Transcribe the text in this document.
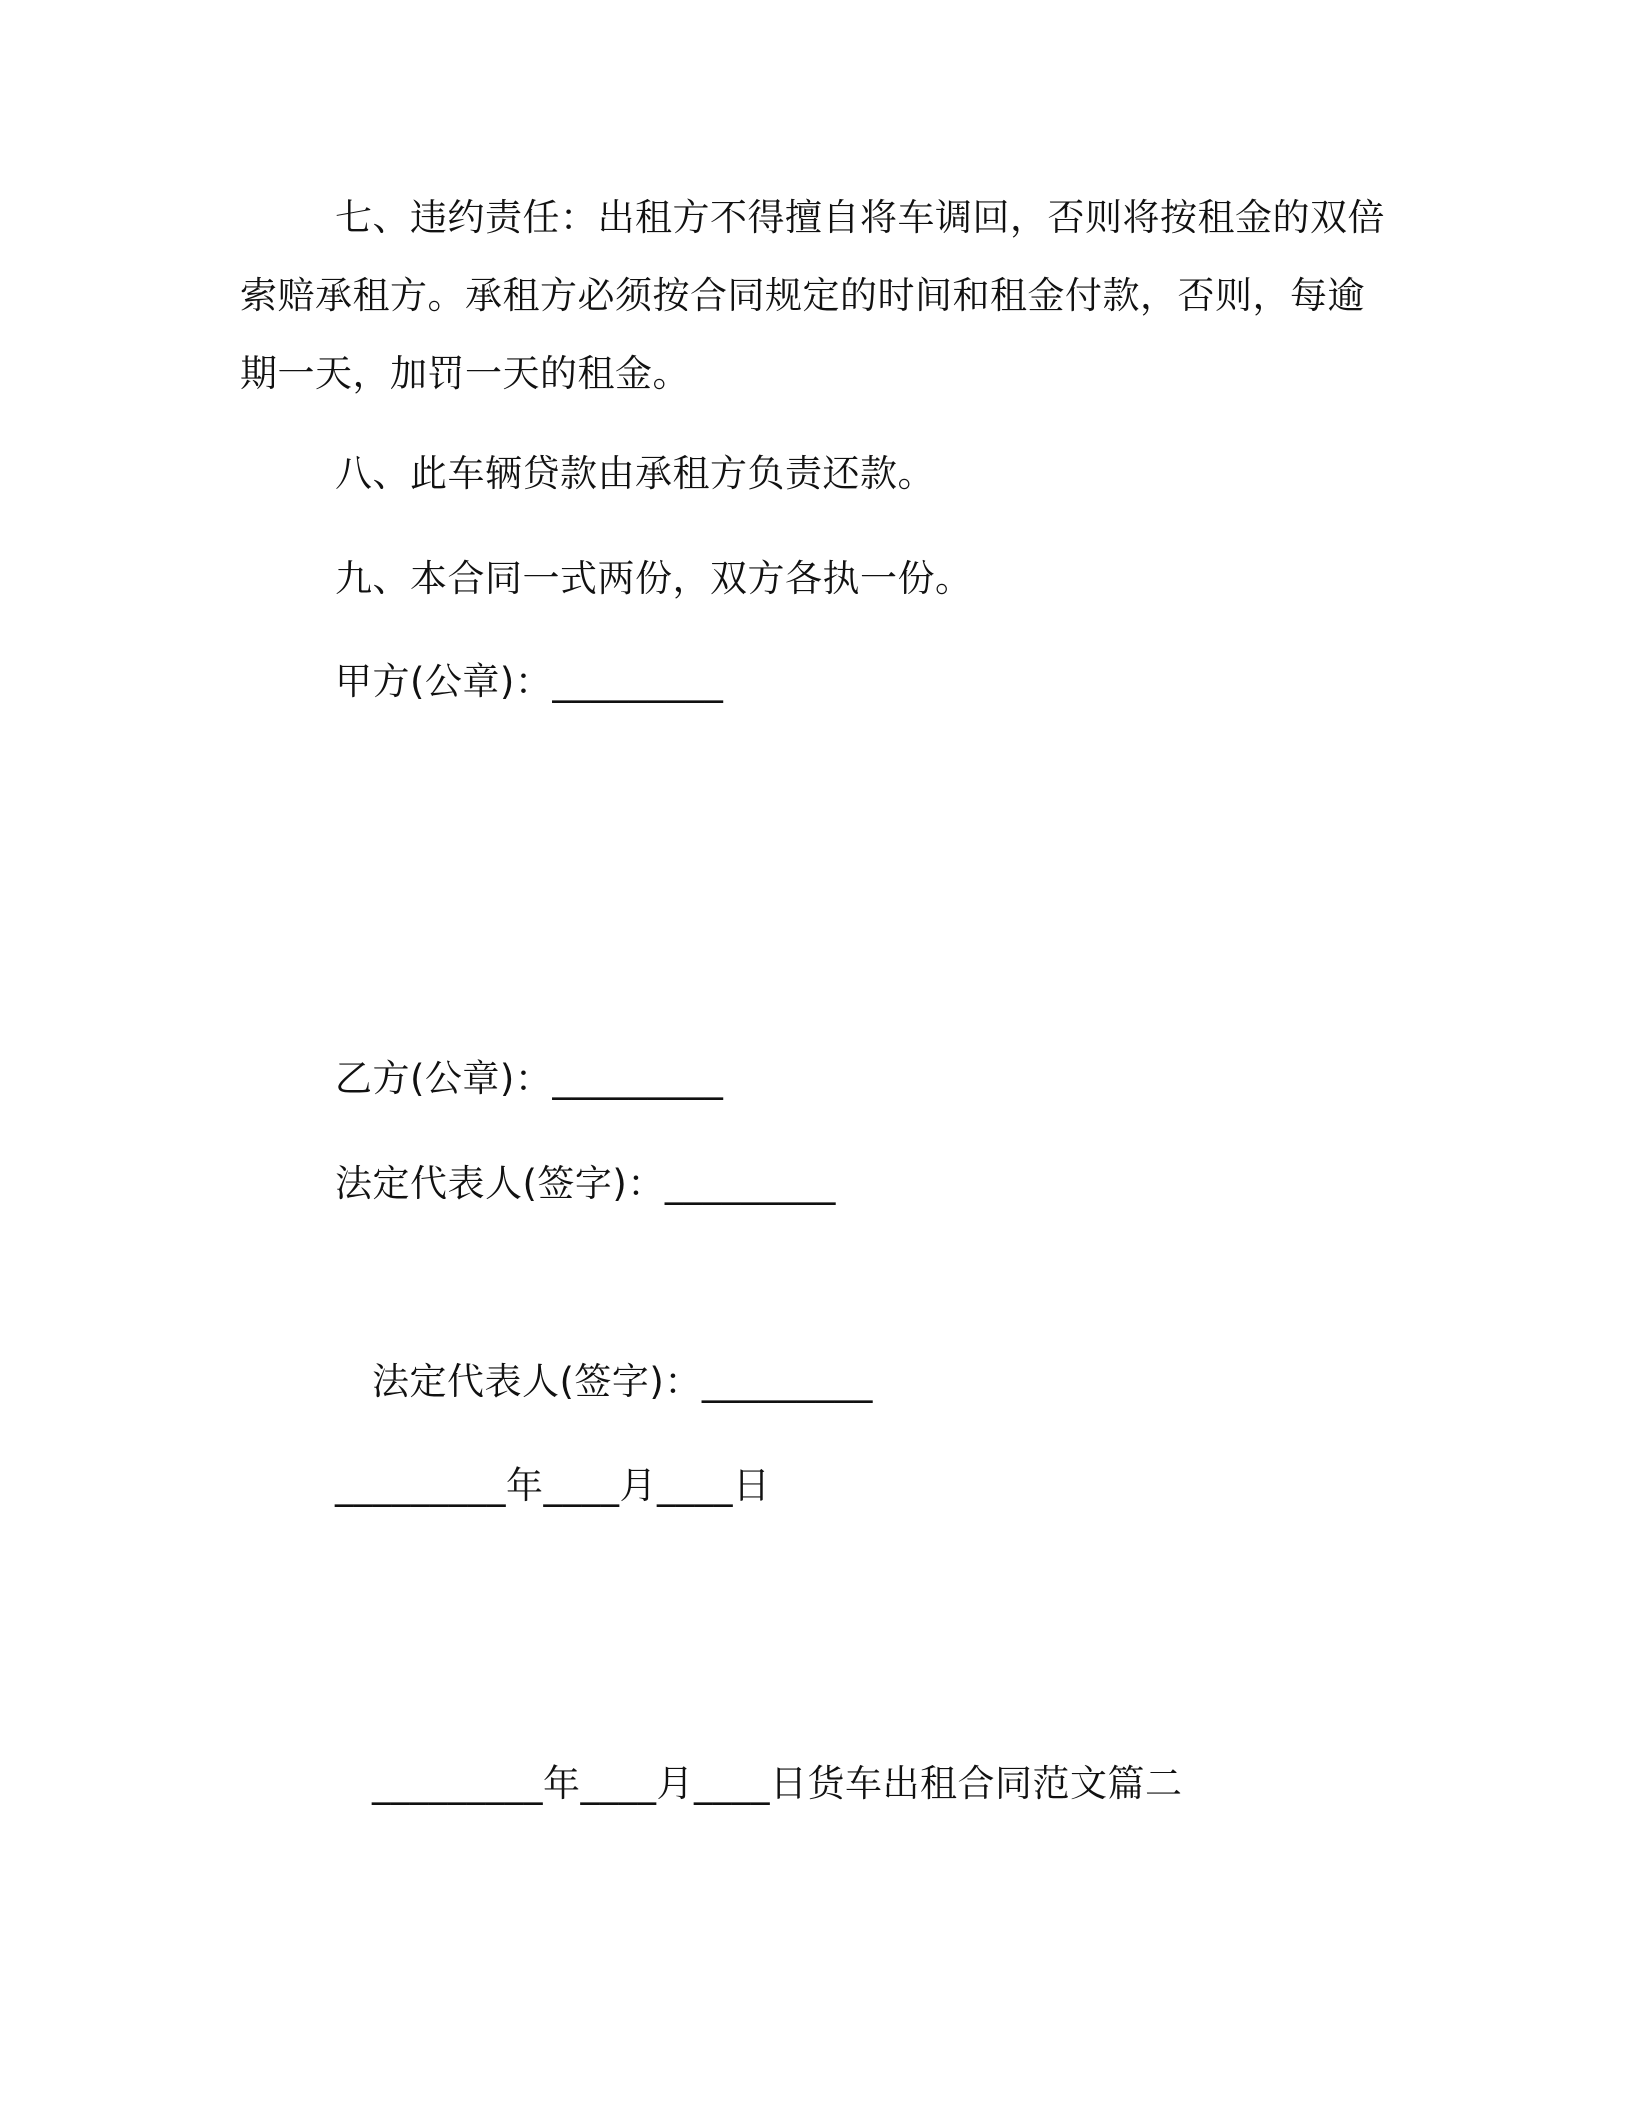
七、违约责任：出租方不得擅自将车调回，否则将按租金的双倍
索赔承租方。承租方必须按合同规定的时间和租金付款，否则，每逾
期一天，加罚一天的租金。
八、此车辆贷款由承租方负责还款。
九、本合同一式两份，双方各执一份。
甲方(公章)：_________
乙方(公章)：_________
法定代表人(签字)：_________
法定代表人(签字)：_________
_________年____月____日
_________年____月____日货车出租合同范文篇二
